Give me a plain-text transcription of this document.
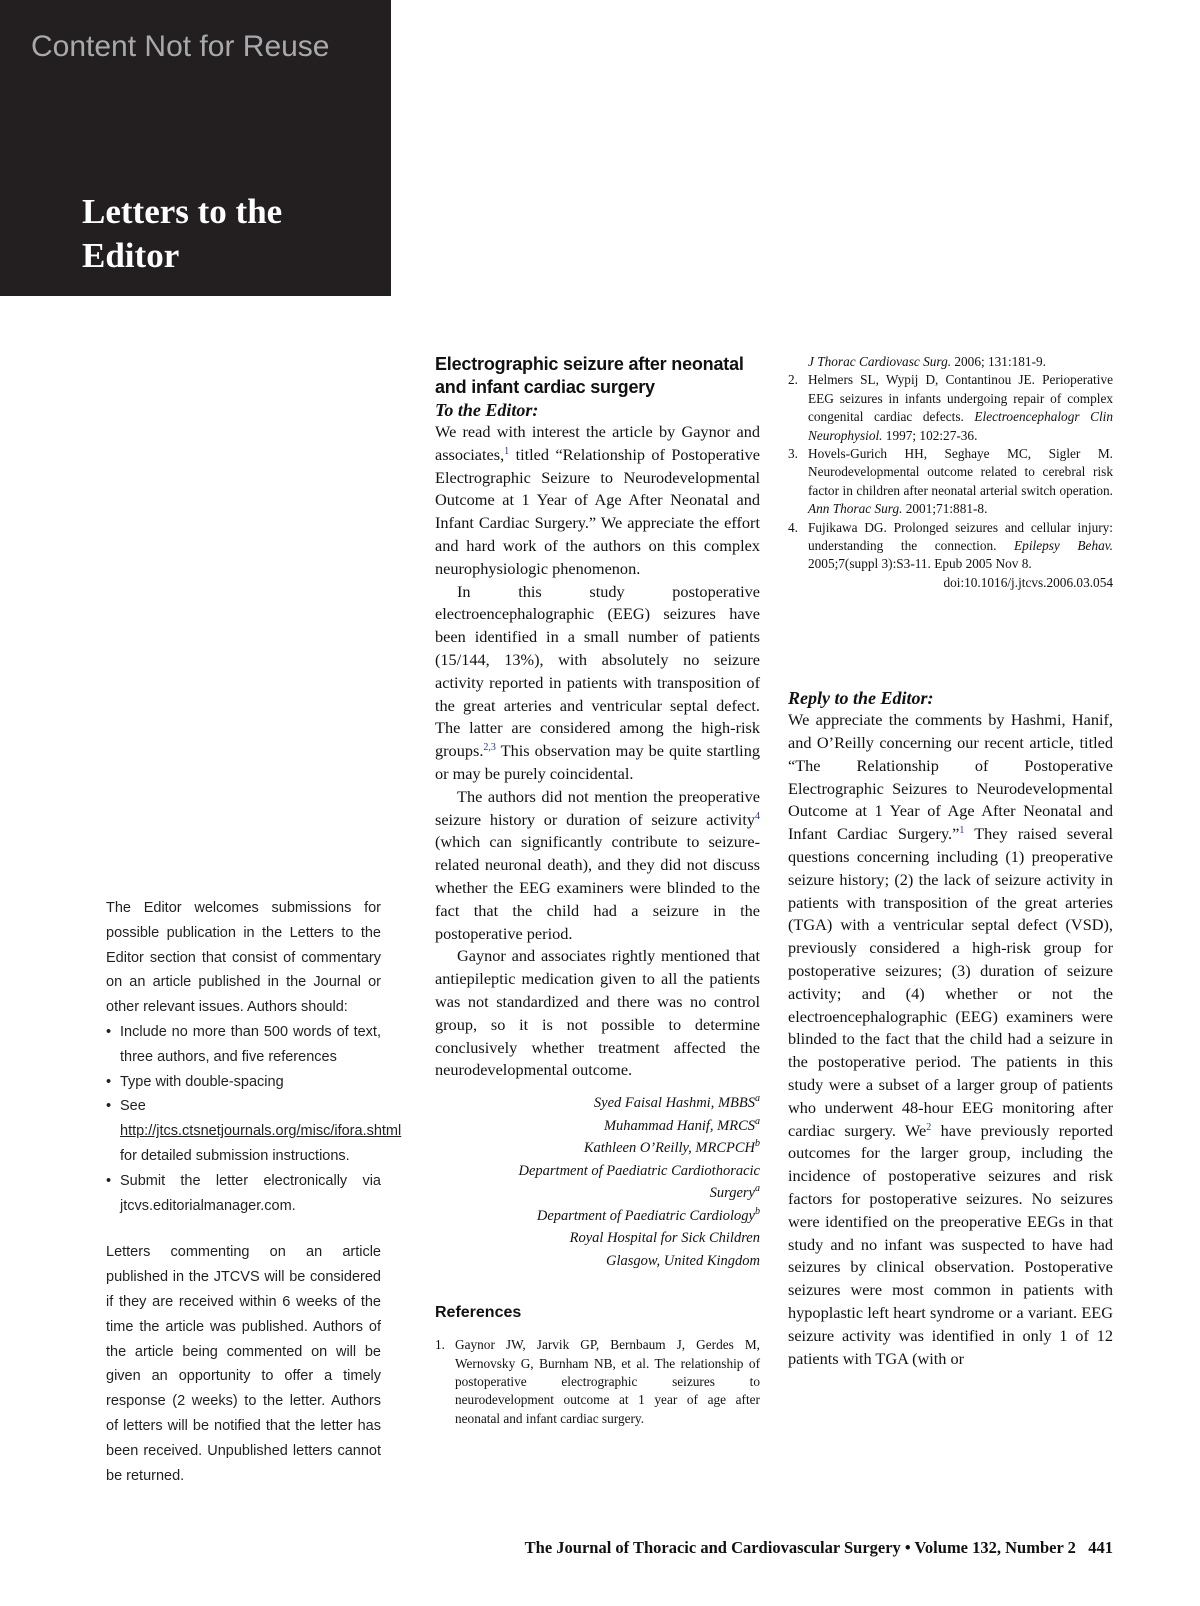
Content Not for Reuse
Letters to the
Editor

The Editor welcomes submissions for possible publication in the Letters to the Editor section that consist of commentary on an article published in the Journal or other relevant issues. Authors should:

• Include no more than 500 words of text, three authors, and five references
• Type with double-spacing
• See http://jtcs.ctsnetjournals.org/misc/ifora.shtml for detailed submission instructions.
• Submit the letter electronically via jtcvs.editorialmanager.com.

Letters commenting on an article published in the JTCVS will be considered if they are received within 6 weeks of the time the article was published. Authors of the article being commented on will be given an opportunity to offer a timely response (2 weeks) to the letter. Authors of letters will be notified that the letter has been received. Unpublished letters cannot be returned.

Electrographic seizure after neonatal and infant cardiac surgery
To the Editor:

We read with interest the article by Gaynor and associates,$^1$ titled “Relationship of Postoperative Electrographic Seizure to Neurodevelopmental Outcome at 1 Year of Age After Neonatal and Infant Cardiac Surgery.” We appreciate the effort and hard work of the authors on this complex neurophysiologic phenomenon.

In this study postoperative electroencephalographic (EEG) seizures have been identified in a small number of patients (15/144, 13%), with absolutely no seizure activity reported in patients with transposition of the great arteries and ventricular septal defect. The latter are considered among the high-risk groups.$^{2,3}$ This observation may be quite startling or may be purely coincidental.

The authors did not mention the preoperative seizure history or duration of seizure activity$^4$ (which can significantly contribute to seizure-related neuronal death), and they did not discuss whether the EEG examiners were blinded to the fact that the child had a seizure in the postoperative period.

Gaynor and associates rightly mentioned that antiepileptic medication given to all the patients was not standardized and there was no control group, so it is not possible to determine conclusively whether treatment affected the neurodevelopmental outcome.

Syed Faisal Hashmi, MBBS$^a$
Muhammad Hanif, MRCS$^a$
Kathleen O’Reilly, MRCPCH$^b$
Department of Paediatric Cardiothoracic
Surgery$^a$
Department of Paediatric Cardiology$^b$
Royal Hospital for Sick Children
Glasgow, United Kingdom
References
1. Gaynor JW, Jarvik GP, Bernbaum J, Gerdes M, Wernovsky G, Burnham NB, et al. The relationship of postoperative electrographic seizures to neurodevelopment outcome at 1 year of age after neonatal and infant cardiac surgery.
J Thorac Cardiovasc Surg. 2006; 131:181-9.
2. Helmers SL, Wypij D, Contantinou JE. Perioperative EEG seizures in infants undergoing repair of complex congenital cardiac defects. Electroencephalogr Clin Neurophysiol. 1997; 102:27-36.
3. Hovels-Gurich HH, Seghaye MC, Sigler M. Neurodevelopmental outcome related to cerebral risk factor in children after neonatal arterial switch operation. Ann Thorac Surg. 2001;71:881-8.
4. Fujikawa DG. Prolonged seizures and cellular injury: understanding the connection. Epilepsy Behav. 2005;7(suppl 3):S3-11. Epub 2005 Nov 8.
doi:10.1016/j.jtcvs.2006.03.054
Reply to the Editor:

We appreciate the comments by Hashmi, Hanif, and O’Reilly concerning our recent article, titled “The Relationship of Postoperative Electrographic Seizures to Neurodevelopmental Outcome at 1 Year of Age After Neonatal and Infant Cardiac Surgery.”$^1$ They raised several questions concerning including (1) preoperative seizure history; (2) the lack of seizure activity in patients with transposition of the great arteries (TGA) with a ventricular septal defect (VSD), previously considered a high-risk group for postoperative seizures; (3) duration of seizure activity; and (4) whether or not the electroencephalographic (EEG) examiners were blinded to the fact that the child had a seizure in the postoperative period. The patients in this study were a subset of a larger group of patients who underwent 48-hour EEG monitoring after cardiac surgery. We$^2$ have previously reported outcomes for the larger group, including the incidence of postoperative seizures and risk factors for postoperative seizures. No seizures were identified on the preoperative EEGs in that study and no infant was suspected to have had seizures by clinical observation. Postoperative seizures were most common in patients with hypoplastic left heart syndrome or a variant. EEG seizure activity was identified in only 1 of 12 patients with TGA (with or

The Journal of Thoracic and Cardiovascular Surgery • Volume 132, Number 2 441
